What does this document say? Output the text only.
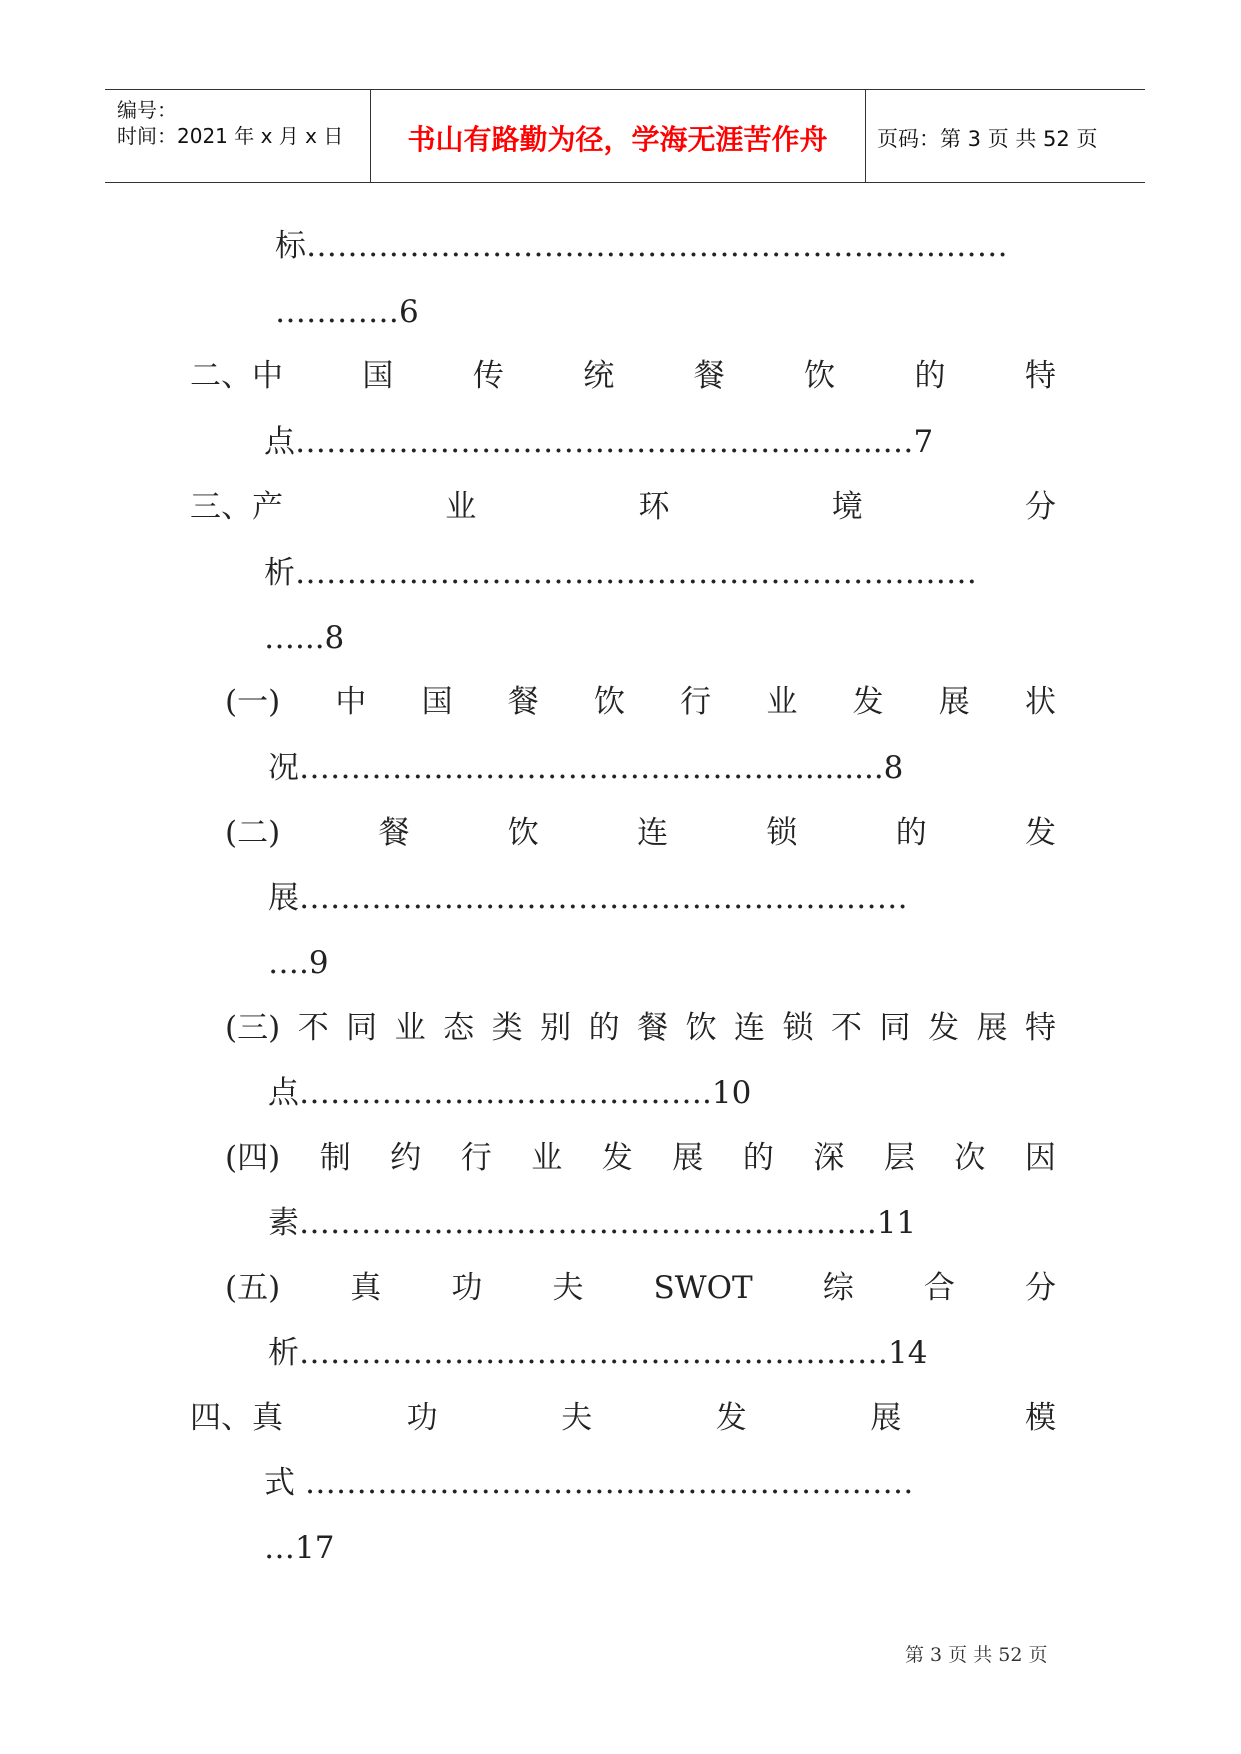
编号：
时间：2021 年 x 月 x 日	书山有路勤为径，学海无涯苦作舟	页码：第 3 页 共 52 页
标……………………………………………………..……
…………6
二、中	国	传	统	餐	饮	的	特
点………………………………………….……..…7
三、产	业	环	境	分
析…………………………………………………………
…...8
(一) 中 国 餐 饮 行 业 发 展 状
况………………………………………….........8
(二)	餐	饮	连	锁	的	发
展……………………………………………..……
….9
(三) 不 同 业 态 类 别 的 餐 饮 连 锁 不 同 发 展 特
点………………………………….10
(四) 制 约 行 业 发 展 的 深 层 次 因
素………………………………………………..11
(五) 真 功 夫 SWOT 综 合 分
析…………………………………………………14
四、真	功	夫	发	展	模
式 ……………………………………………..……
…17
第 3 页 共 52 页
